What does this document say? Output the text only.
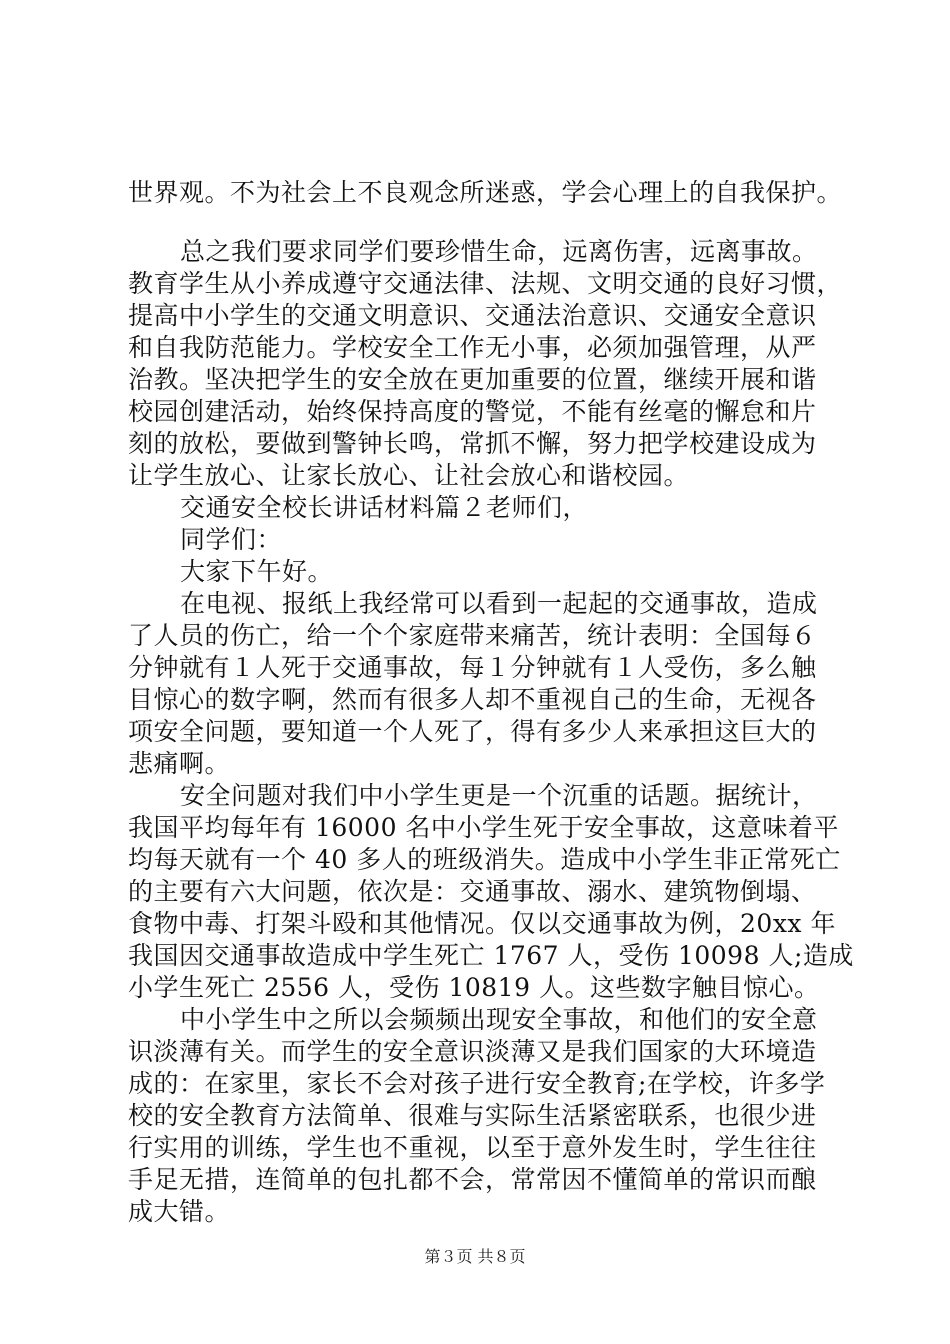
世界观。不为社会上不良观念所迷惑，学会心理上的自我保护。
总之我们要求同学们要珍惜生命，远离伤害，远离事故。
教育学生从小养成遵守交通法律、法规、文明交通的良好习惯，
提高中小学生的交通文明意识、交通法治意识、交通安全意识
和自我防范能力。学校安全工作无小事，必须加强管理，从严
治教。坚决把学生的安全放在更加重要的位置，继续开展和谐
校园创建活动，始终保持高度的警觉，不能有丝毫的懈怠和片
刻的放松，要做到警钟长鸣，常抓不懈，努力把学校建设成为
让学生放心、让家长放心、让社会放心和谐校园。
交通安全校长讲话材料篇２老师们，
同学们：
大家下午好。
在电视、报纸上我经常可以看到一起起的交通事故，造成
了人员的伤亡，给一个个家庭带来痛苦，统计表明：全国每６
分钟就有１人死于交通事故，每１分钟就有１人受伤，多么触
目惊心的数字啊，然而有很多人却不重视自己的生命，无视各
项安全问题，要知道一个人死了，得有多少人来承担这巨大的
悲痛啊。
安全问题对我们中小学生更是一个沉重的话题。据统计，
我国平均每年有 16000 名中小学生死于安全事故，这意味着平
均每天就有一个 40 多人的班级消失。造成中小学生非正常死亡
的主要有六大问题，依次是：交通事故、溺水、建筑物倒塌、
食物中毒、打架斗殴和其他情况。仅以交通事故为例，20xx 年
我国因交通事故造成中学生死亡 1767 人，受伤 10098 人;造成
小学生死亡 2556 人，受伤 10819 人。这些数字触目惊心。
中小学生中之所以会频频出现安全事故，和他们的安全意
识淡薄有关。而学生的安全意识淡薄又是我们国家的大环境造
成的：在家里，家长不会对孩子进行安全教育;在学校，许多学
校的安全教育方法简单、很难与实际生活紧密联系，也很少进
行实用的训练，学生也不重视，以至于意外发生时，学生往往
手足无措，连简单的包扎都不会，常常因不懂简单的常识而酿
成大错。
第３页 共８页
